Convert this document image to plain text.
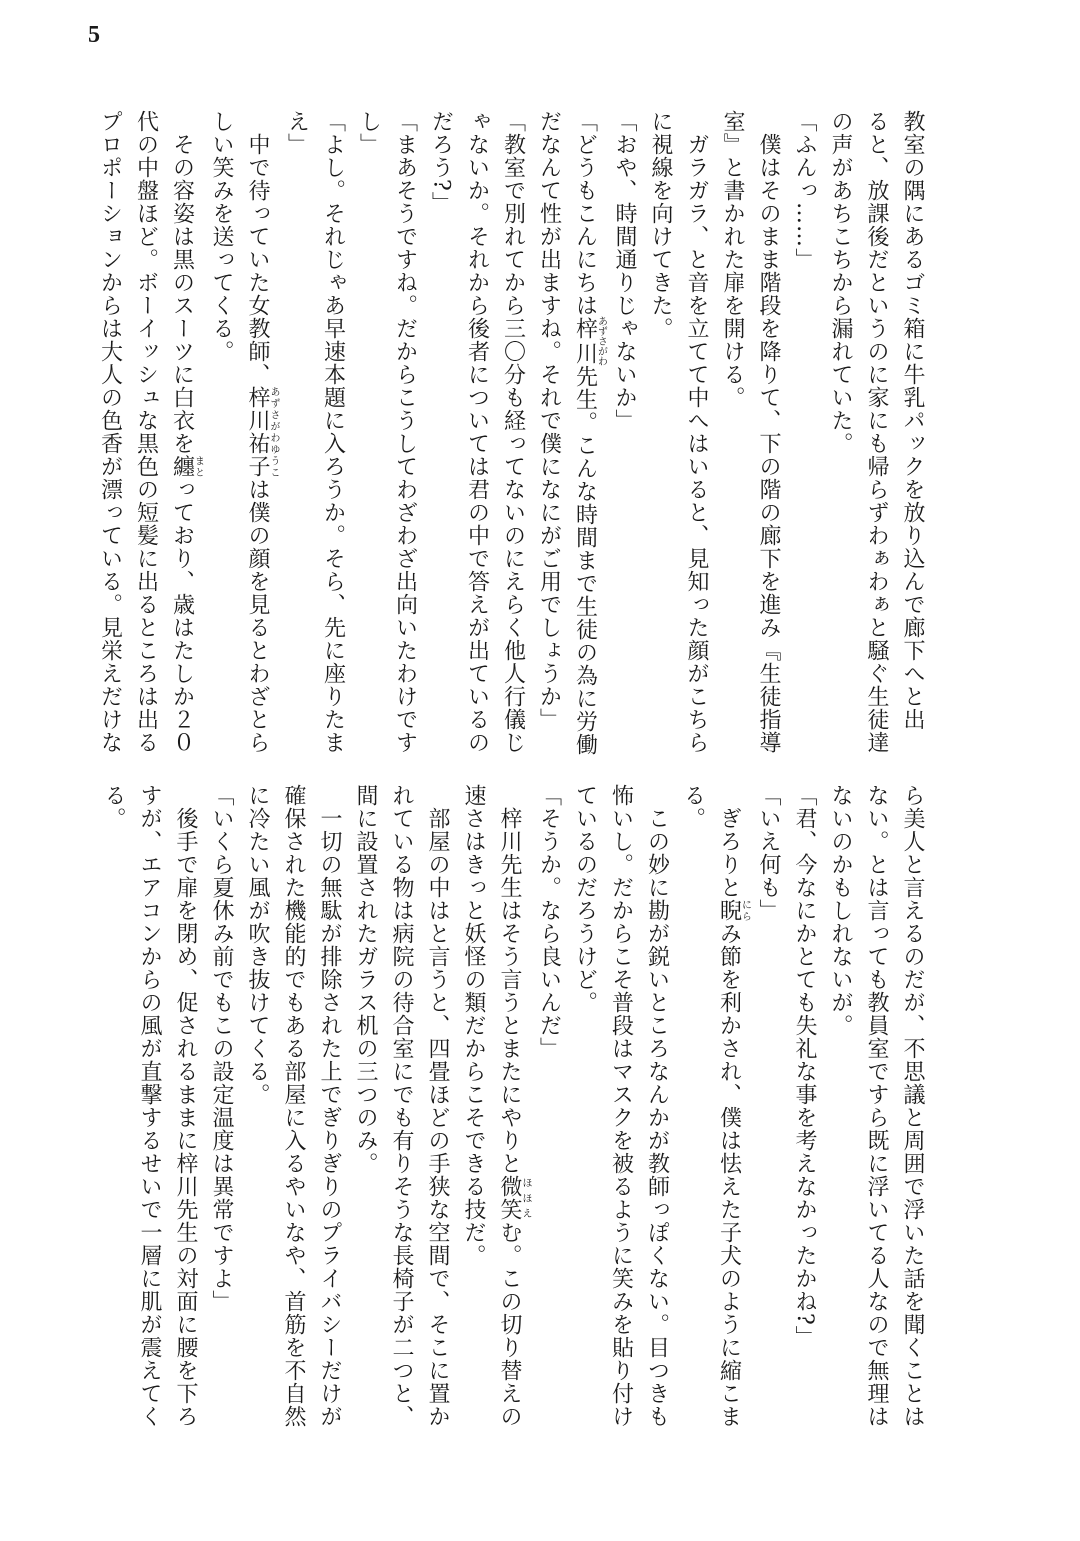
5
教室の隅にあるゴミ箱に牛乳パックを放り込んで廊下へと出
ると、放課後だというのに家にも帰らずわぁわぁと騒ぐ生徒達
の声があちこちから漏れていた。
「ふんっ……」
　僕はそのまま階段を降りて、下の階の廊下を進み『生徒指導
室』と書かれた扉を開ける。
　ガラガラ、と音を立てて中へはいると、見知った顔がこちら
に視線を向けてきた。
「おや、時間通りじゃないか」
「どうもこんにちは梓川あずさがわ先生。こんな時間まで生徒の為に労働
だなんて性が出ますね。それで僕になにがご用でしょうか」
「教室で別れてから三〇分も経ってないのにえらく他人行儀じ
ゃないか。それから後者については君の中で答えが出ているの
だろう?」
「まあそうですね。だからこうしてわざわざ出向いたわけです
し」
「よし。それじゃあ早速本題に入ろうか。そら、先に座りたま
え」
　中で待っていた女教師、梓川祐子あずさがわゆうこは僕の顔を見るとわざとら
しい笑みを送ってくる。
　その容姿は黒のスーツに白衣を纏まとっており、歳はたしか２０
代の中盤ほど。ボーイッシュな黒色の短髪に出るところは出る
プロポーションからは大人の色香が漂っている。見栄えだけな
ら美人と言えるのだが、不思議と周囲で浮いた話を聞くことは
ない。とは言っても教員室ですら既に浮いてる人なので無理は
ないのかもしれないが。
「君、今なにかとても失礼な事を考えなかったかね?」
「いえ何も」
　ぎろりと睨にらみ節を利かされ、僕は怯えた子犬のように縮こま
る。
　この妙に勘が鋭いところなんかが教師っぽくない。目つきも
怖いし。だからこそ普段はマスクを被るように笑みを貼り付け
ているのだろうけど。
「そうか。なら良いんだ」
　梓川先生はそう言うとまたにやりと微笑ほほえむ。この切り替えの
速さはきっと妖怪の類だからこそできる技だ。
　部屋の中はと言うと、四畳ほどの手狭な空間で、そこに置か
れている物は病院の待合室にでも有りそうな長椅子が二つと、
間に設置されたガラス机の三つのみ。
　一切の無駄が排除された上でぎりぎりのプライバシーだけが
確保された機能的でもある部屋に入るやいなや、首筋を不自然
に冷たい風が吹き抜けてくる。
「いくら夏休み前でもこの設定温度は異常ですよ」
　後手で扉を閉め、促されるままに梓川先生の対面に腰を下ろ
すが、エアコンからの風が直撃するせいで一層に肌が震えてく
る。
